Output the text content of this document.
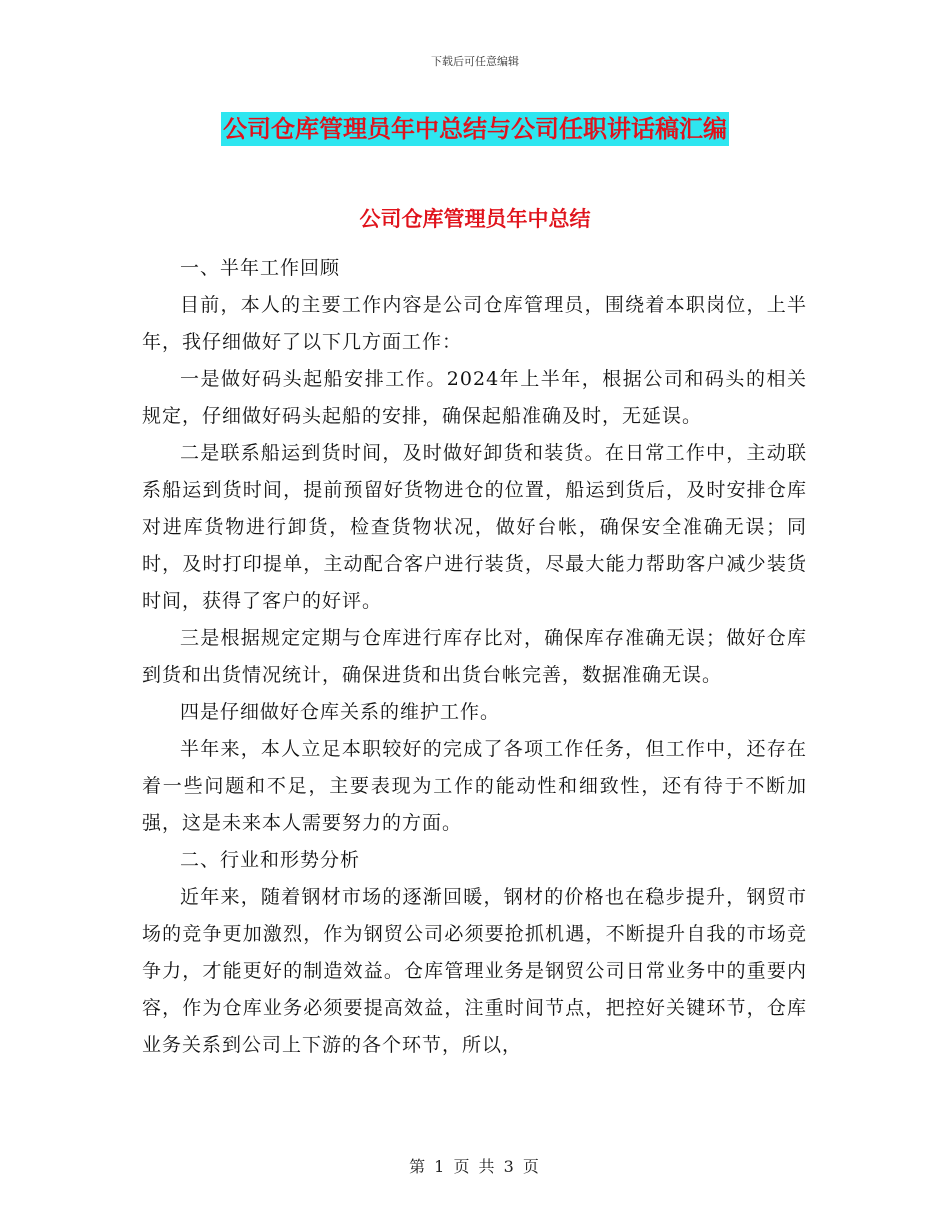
下载后可任意编辑
公司仓库管理员年中总结与公司任职讲话稿汇编
公司仓库管理员年中总结

一、半年工作回顾

目前，本人的主要工作内容是公司仓库管理员，围绕着本职岗位，上半年，我仔细做好了以下几方面工作：

一是做好码头起船安排工作。2024年上半年，根据公司和码头的相关规定，仔细做好码头起船的安排，确保起船准确及时，无延误。

二是联系船运到货时间，及时做好卸货和装货。在日常工作中，主动联系船运到货时间，提前预留好货物进仓的位置，船运到货后，及时安排仓库对进库货物进行卸货，检查货物状况，做好台帐，确保安全准确无误；同时，及时打印提单，主动配合客户进行装货，尽最大能力帮助客户减少装货时间，获得了客户的好评。

三是根据规定定期与仓库进行库存比对，确保库存准确无误；做好仓库到货和出货情况统计，确保进货和出货台帐完善，数据准确无误。

四是仔细做好仓库关系的维护工作。

半年来，本人立足本职较好的完成了各项工作任务，但工作中，还存在着一些问题和不足，主要表现为工作的能动性和细致性，还有待于不断加强，这是未来本人需要努力的方面。

二、行业和形势分析

近年来，随着钢材市场的逐渐回暖，钢材的价格也在稳步提升，钢贸市场的竞争更加激烈，作为钢贸公司必须要抢抓机遇，不断提升自我的市场竞争力，才能更好的制造效益。仓库管理业务是钢贸公司日常业务中的重要内容，作为仓库业务必须要提高效益，注重时间节点，把控好关键环节，仓库业务关系到公司上下游的各个环节，所以，

第 1 页 共 3 页
